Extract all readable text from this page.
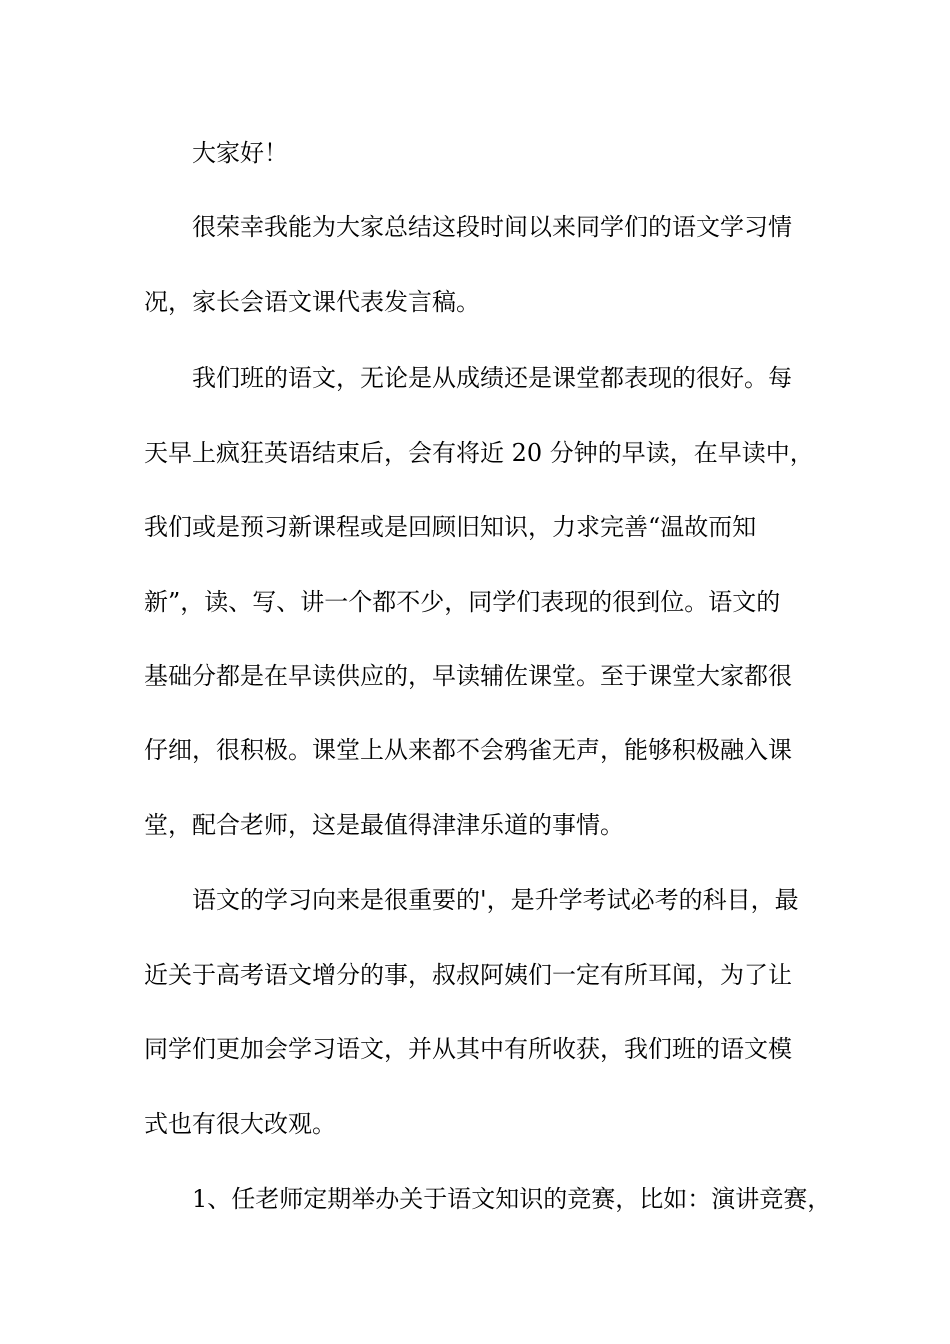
大家好！
很荣幸我能为大家总结这段时间以来同学们的语文学习情
况，家长会语文课代表发言稿。
我们班的语文，无论是从成绩还是课堂都表现的很好。每
天早上疯狂英语结束后，会有将近 20 分钟的早读，在早读中，
我们或是预习新课程或是回顾旧知识，力求完善“温故而知
新”，读、写、讲一个都不少，同学们表现的很到位。语文的
基础分都是在早读供应的，早读辅佐课堂。至于课堂大家都很
仔细，很积极。课堂上从来都不会鸦雀无声，能够积极融入课
堂，配合老师，这是最值得津津乐道的事情。
语文的学习向来是很重要的'，是升学考试必考的科目，最
近关于高考语文增分的事，叔叔阿姨们一定有所耳闻，为了让
同学们更加会学习语文，并从其中有所收获，我们班的语文模
式也有很大改观。
1、任老师定期举办关于语文知识的竞赛，比如：演讲竞赛，
